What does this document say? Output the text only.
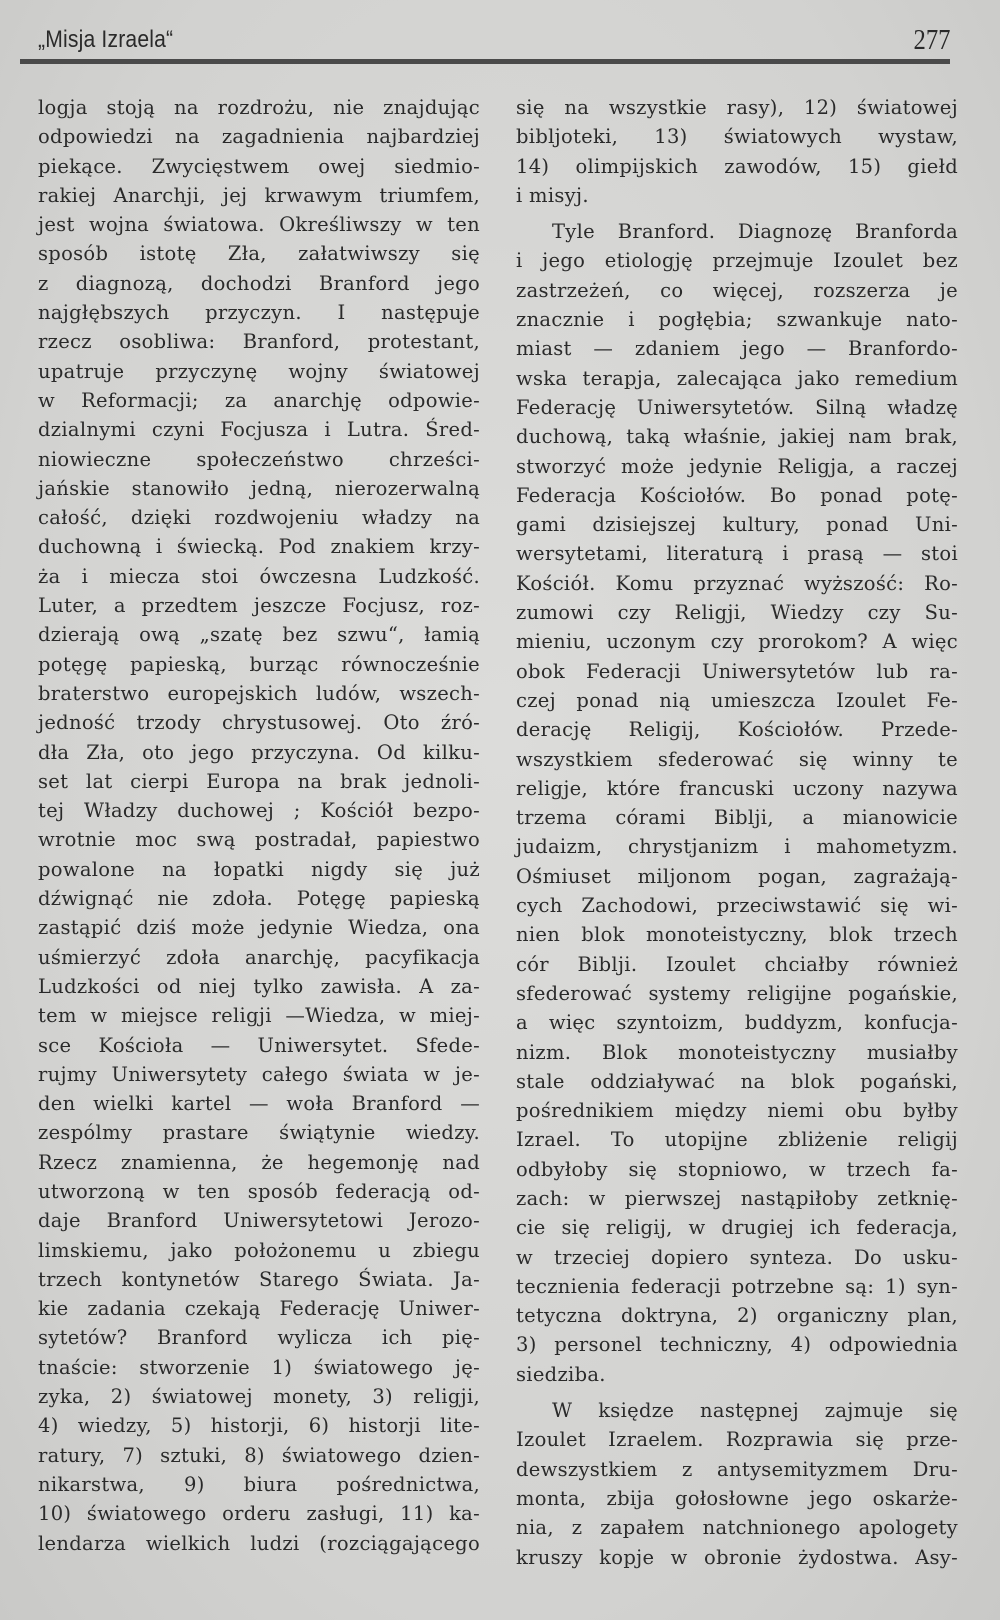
„Misja Izraela“	277
logja stoją na rozdrożu, nie znajdując
odpowiedzi na zagadnienia najbardziej
piekące. Zwycięstwem owej siedmio-
rakiej Anarchji, jej krwawym triumfem,
jest wojna światowa. Określiwszy w ten
sposób istotę Zła, załatwiwszy się
z diagnozą, dochodzi Branford jego
najgłębszych przyczyn. I następuje
rzecz osobliwa: Branford, protestant,
upatruje przyczynę wojny światowej
w Reformacji; za anarchję odpowie-
dzialnymi czyni Focjusza i Lutra. Śred-
niowieczne społeczeństwo chrześci-
jańskie stanowiło jedną, nierozerwalną
całość, dzięki rozdwojeniu władzy na
duchowną i świecką. Pod znakiem krzy-
ża i miecza stoi ówczesna Ludzkość.
Luter, a przedtem jeszcze Focjusz, roz-
dzierają ową „szatę bez szwu“, łamią
potęgę papieską, burząc równocześnie
braterstwo europejskich ludów, wszech-
jedność trzody chrystusowej. Oto źró-
dła Zła, oto jego przyczyna. Od kilku-
set lat cierpi Europa na brak jednoli-
tej Władzy duchowej ; Kościół bezpo-
wrotnie moc swą postradał, papiestwo
powalone na łopatki nigdy się już
dźwignąć nie zdoła. Potęgę papieską
zastąpić dziś może jedynie Wiedza, ona
uśmierzyć zdoła anarchję, pacyfikacja
Ludzkości od niej tylko zawisła. A za-
tem w miejsce religji —Wiedza, w miej-
sce Kościoła — Uniwersytet. Sfede-
rujmy Uniwersytety całego świata w je-
den wielki kartel — woła Branford —
zespólmy prastare świątynie wiedzy.
Rzecz znamienna, że hegemonję nad
utworzoną w ten sposób federacją od-
daje Branford Uniwersytetowi Jerozo-
limskiemu, jako położonemu u zbiegu
trzech kontynetów Starego Świata. Ja-
kie zadania czekają Federację Uniwer-
sytetów? Branford wylicza ich pię-
tnaście: stworzenie 1) światowego ję-
zyka, 2) światowej monety, 3) religji,
4) wiedzy, 5) historji, 6) historji lite-
ratury, 7) sztuki, 8) światowego dzien-
nikarstwa, 9) biura pośrednictwa,
10) światowego orderu zasługi, 11) ka-
lendarza wielkich ludzi (rozciągającego
się na wszystkie rasy), 12) światowej
bibljoteki, 13) światowych wystaw,
14) olimpijskich zawodów, 15) giełd
i misyj.
Tyle Branford. Diagnozę Branforda
i jego etiologję przejmuje Izoulet bez
zastrzeżeń, co więcej, rozszerza je
znacznie i pogłębia; szwankuje nato-
miast — zdaniem jego — Branfordo-
wska terapja, zalecająca jako remedium
Federację Uniwersytetów. Silną władzę
duchową, taką właśnie, jakiej nam brak,
stworzyć może jedynie Religja, a raczej
Federacja Kościołów. Bo ponad potę-
gami dzisiejszej kultury, ponad Uni-
wersytetami, literaturą i prasą — stoi
Kościół. Komu przyznać wyższość: Ro-
zumowi czy Religji, Wiedzy czy Su-
mieniu, uczonym czy prorokom? A więc
obok Federacji Uniwersytetów lub ra-
czej ponad nią umieszcza Izoulet Fe-
derację Religij, Kościołów. Przede-
wszystkiem sfederować się winny te
religje, które francuski uczony nazywa
trzema córami Biblji, a mianowicie
judaizm, chrystjanizm i mahometyzm.
Ośmiuset miljonom pogan, zagrażają-
cych Zachodowi, przeciwstawić się wi-
nien blok monoteistyczny, blok trzech
cór Biblji. Izoulet chciałby również
sfederować systemy religijne pogańskie,
a więc szyntoizm, buddyzm, konfucja-
nizm. Blok monoteistyczny musiałby
stale oddziaływać na blok pogański,
pośrednikiem między niemi obu byłby
Izrael. To utopijne zbliżenie religij
odbyłoby się stopniowo, w trzech fa-
zach: w pierwszej nastąpiłoby zetknię-
cie się religij, w drugiej ich federacja,
w trzeciej dopiero synteza. Do usku-
tecznienia federacji potrzebne są: 1) syn-
tetyczna doktryna, 2) organiczny plan,
3) personel techniczny, 4) odpowiednia
siedziba.
W księdze następnej zajmuje się
Izoulet Izraelem. Rozprawia się prze-
dewszystkiem z antysemityzmem Dru-
monta, zbija gołosłowne jego oskarże-
nia, z zapałem natchnionego apologety
kruszy kopje w obronie żydostwa. Asy-
